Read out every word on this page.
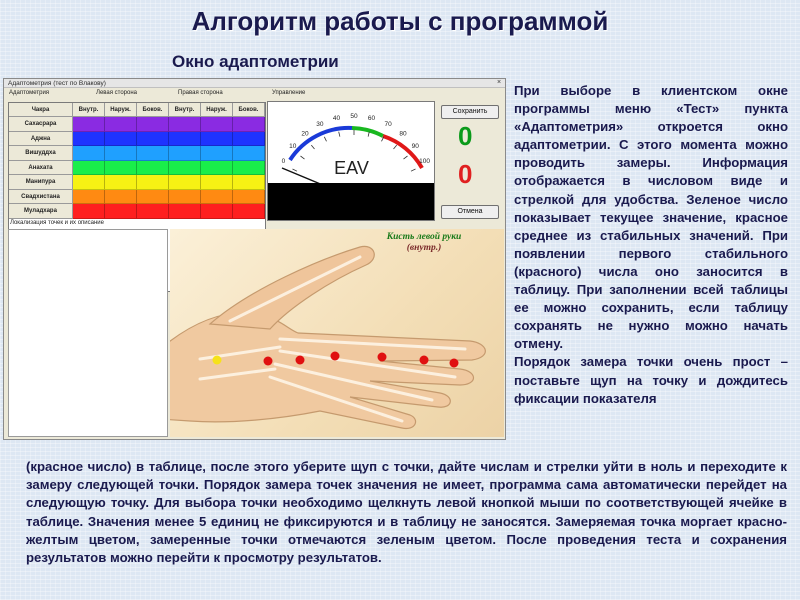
Алгоритм работы с программой
Окно адаптометрии
Адаптометрия (тест по Влакову)	×
Адаптометрия	Левая сторона	Правая сторона	Управление
Чакра	Внутр.	Наруж.	Боков.	Внутр.	Наруж.	Боков.
Сахасрара
Аджна
Вишуддха
Анахата
Манипура
Свадхистана
Муладхара
0
10
20
30
40 50 60
70
80
90
100
EAV
Сохранить
0
0
Отмена
Локализация точек и их описание
Кисть левой руки
(внутр.)

При выборе в клиентском окне программы меню «Тест» пункта «Адаптометрия» откроется окно адаптометрии. С этого момента можно проводить замеры. Информация отображается в числовом виде и стрелкой для удобства. Зеленое число показывает текущее значение, красное среднее из стабильных значений. При появлении первого стабильного (красного) числа оно заносится в таблицу. При заполнении всей таблицы ее можно сохранить, если таблицу сохранять не нужно можно начать отмену.

Порядок замера точки очень прост – поставьте щуп на точку и дождитесь фиксации показателя

(красное число) в таблице, после этого уберите щуп с точки, дайте числам и стрелки уйти в ноль и переходите к замеру следующей точки. Порядок замера точек значения не имеет, программа сама автоматически перейдет на следующую точку. Для выбора точки необходимо щелкнуть левой кнопкой мыши по соответствующей ячейке в таблице. Значения менее 5 единиц не фиксируются и в таблицу не заносятся. Замеряемая точка моргает красно-желтым цветом, замеренные точки отмечаются зеленым цветом. После проведения теста и сохранения результатов можно перейти к просмотру результатов.
